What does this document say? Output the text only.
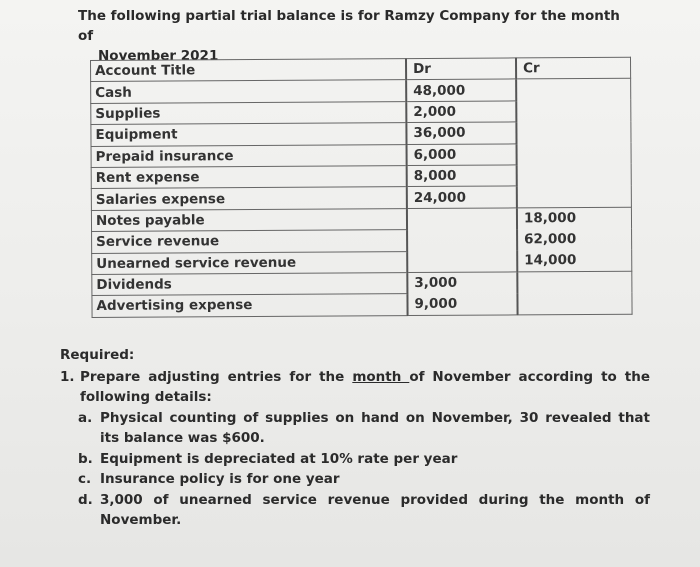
The following partial trial balance is for Ramzy Company for the month of
November 2021
Account Title	Dr	Cr
Cash	48,000	
Supplies	2,000	
Equipment	36,000	
Prepaid insurance	6,000	
Rent expense	8,000	
Salaries expense	24,000	
Notes payable		18,000
Service revenue		62,000
Unearned service revenue		14,000
Dividends	3,000	
Advertising expense	9,000	
Required:
1. Prepare adjusting entries for the month of November according to the following details:
a. Physical counting of supplies on hand on November, 30 revealed that its balance was $600.
b. Equipment is depreciated at 10% rate per year
c. Insurance policy is for one year
d. 3,000 of unearned service revenue provided during the month of November.
